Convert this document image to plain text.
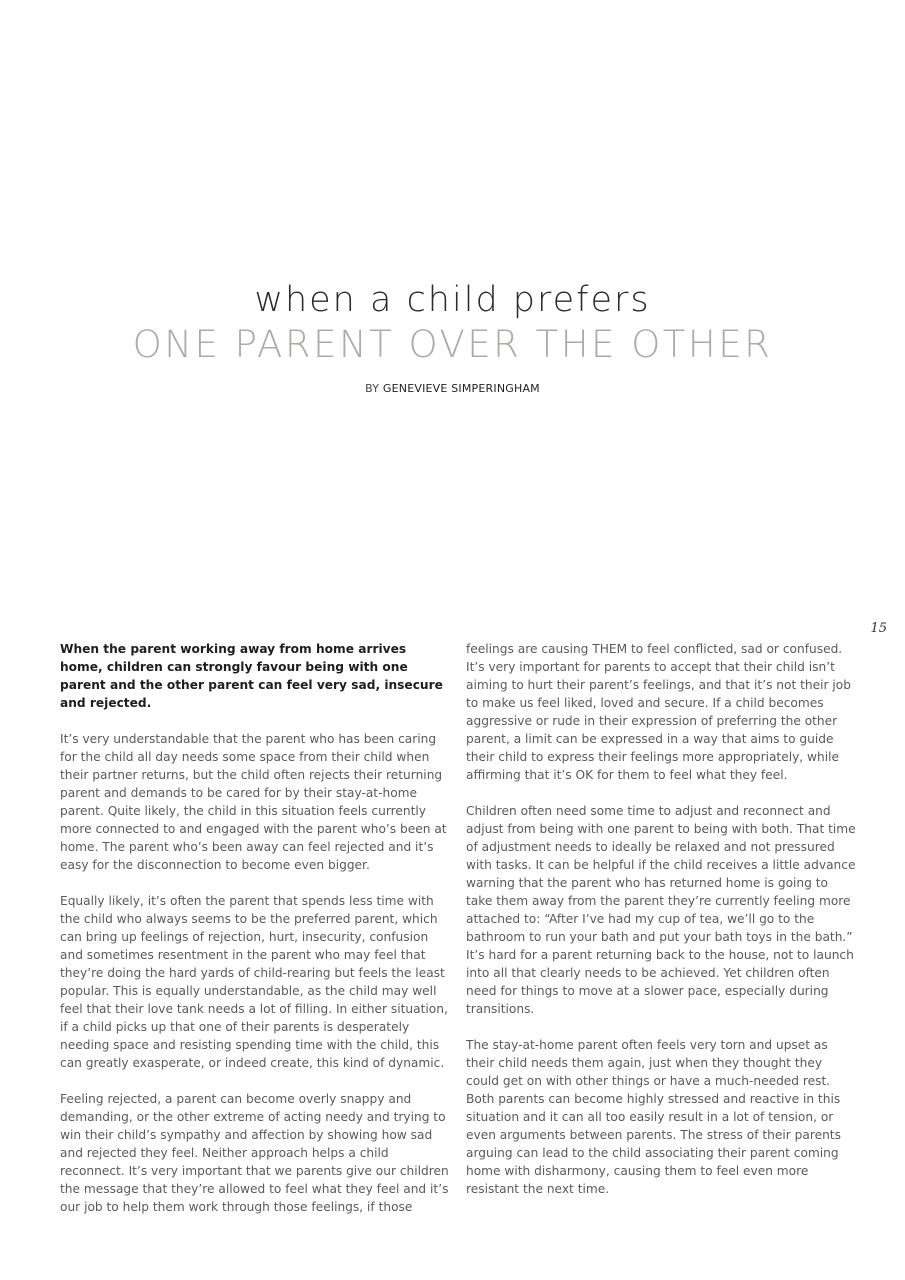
when a child prefers
ONE PARENT OVER THE OTHER
BY GENEVIEVE SIMPERINGHAM
15

When the parent working away from home arrives home, children can strongly favour being with one parent and the other parent can feel very sad, insecure and rejected.

It’s very understandable that the parent who has been caring for the child all day needs some space from their child when their partner returns, but the child often rejects their returning parent and demands to be cared for by their stay-at-home parent. Quite likely, the child in this situation feels currently more connected to and engaged with the parent who’s been at home. The parent who’s been away can feel rejected and it’s easy for the disconnection to become even bigger.

Equally likely, it’s often the parent that spends less time with the child who always seems to be the preferred parent, which can bring up feelings of rejection, hurt, insecurity, confusion and sometimes resentment in the parent who may feel that they’re doing the hard yards of child-rearing but feels the least popular. This is equally understandable, as the child may well feel that their love tank needs a lot of filling. In either situation, if a child picks up that one of their parents is desperately needing space and resisting spending time with the child, this can greatly exasperate, or indeed create, this kind of dynamic.

Feeling rejected, a parent can become overly snappy and demanding, or the other extreme of acting needy and trying to win their child’s sympathy and affection by showing how sad and rejected they feel. Neither approach helps a child reconnect. It’s very important that we parents give our children the message that they’re allowed to feel what they feel and it’s our job to help them work through those feelings, if those

feelings are causing THEM to feel conflicted, sad or confused. It’s very important for parents to accept that their child isn’t aiming to hurt their parent’s feelings, and that it’s not their job to make us feel liked, loved and secure. If a child becomes aggressive or rude in their expression of preferring the other parent, a limit can be expressed in a way that aims to guide their child to express their feelings more appropriately, while affirming that it’s OK for them to feel what they feel.

Children often need some time to adjust and reconnect and adjust from being with one parent to being with both. That time of adjustment needs to ideally be relaxed and not pressured with tasks. It can be helpful if the child receives a little advance warning that the parent who has returned home is going to take them away from the parent they’re currently feeling more attached to: “After I’ve had my cup of tea, we’ll go to the bathroom to run your bath and put your bath toys in the bath.” It’s hard for a parent returning back to the house, not to launch into all that clearly needs to be achieved. Yet children often need for things to move at a slower pace, especially during transitions.

The stay-at-home parent often feels very torn and upset as their child needs them again, just when they thought they could get on with other things or have a much-needed rest. Both parents can become highly stressed and reactive in this situation and it can all too easily result in a lot of tension, or even arguments between parents. The stress of their parents arguing can lead to the child associating their parent coming home with disharmony, causing them to feel even more resistant the next time.
